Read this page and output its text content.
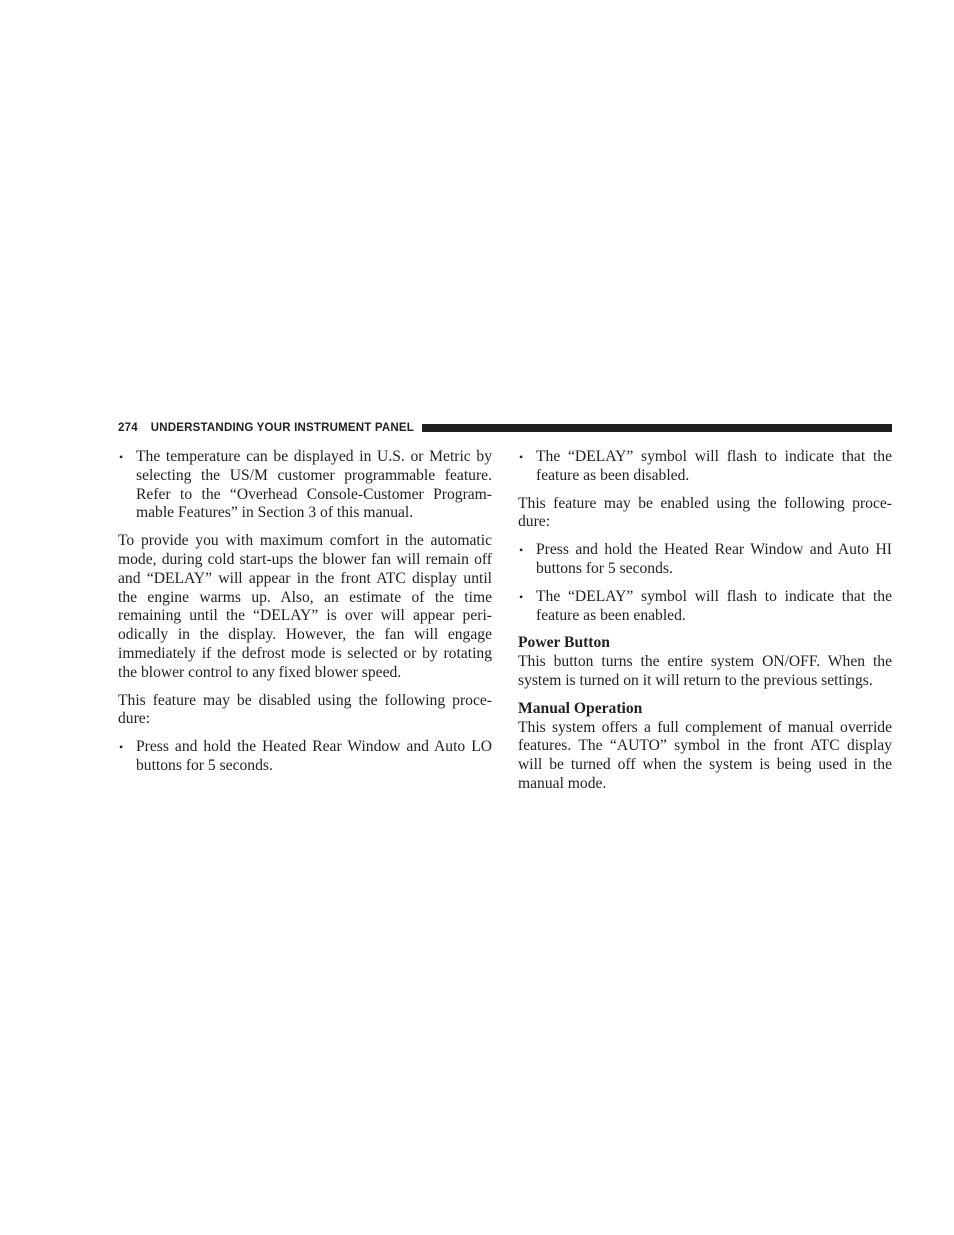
274 UNDERSTANDING YOUR INSTRUMENT PANEL
• The temperature can be displayed in U.S. or Metric by selecting the US/M customer programmable feature. Refer to the “Overhead Console-Customer Program-mable Features” in Section 3 of this manual.

To provide you with maximum comfort in the automatic mode, during cold start-ups the blower fan will remain off and “DELAY” will appear in the front ATC display until the engine warms up. Also, an estimate of the time remaining until the “DELAY” is over will appear peri-odically in the display. However, the fan will engage immediately if the defrost mode is selected or by rotating the blower control to any fixed blower speed.

This feature may be disabled using the following proce-dure:

• Press and hold the Heated Rear Window and Auto LO buttons for 5 seconds.
• The “DELAY” symbol will flash to indicate that the feature as been disabled.

This feature may be enabled using the following proce-dure:

• Press and hold the Heated Rear Window and Auto HI buttons for 5 seconds.
• The “DELAY” symbol will flash to indicate that the feature as been enabled.
Power Button

This button turns the entire system ON/OFF. When the system is turned on it will return to the previous settings.

Manual Operation

This system offers a full complement of manual override features. The “AUTO” symbol in the front ATC display will be turned off when the system is being used in the manual mode.
